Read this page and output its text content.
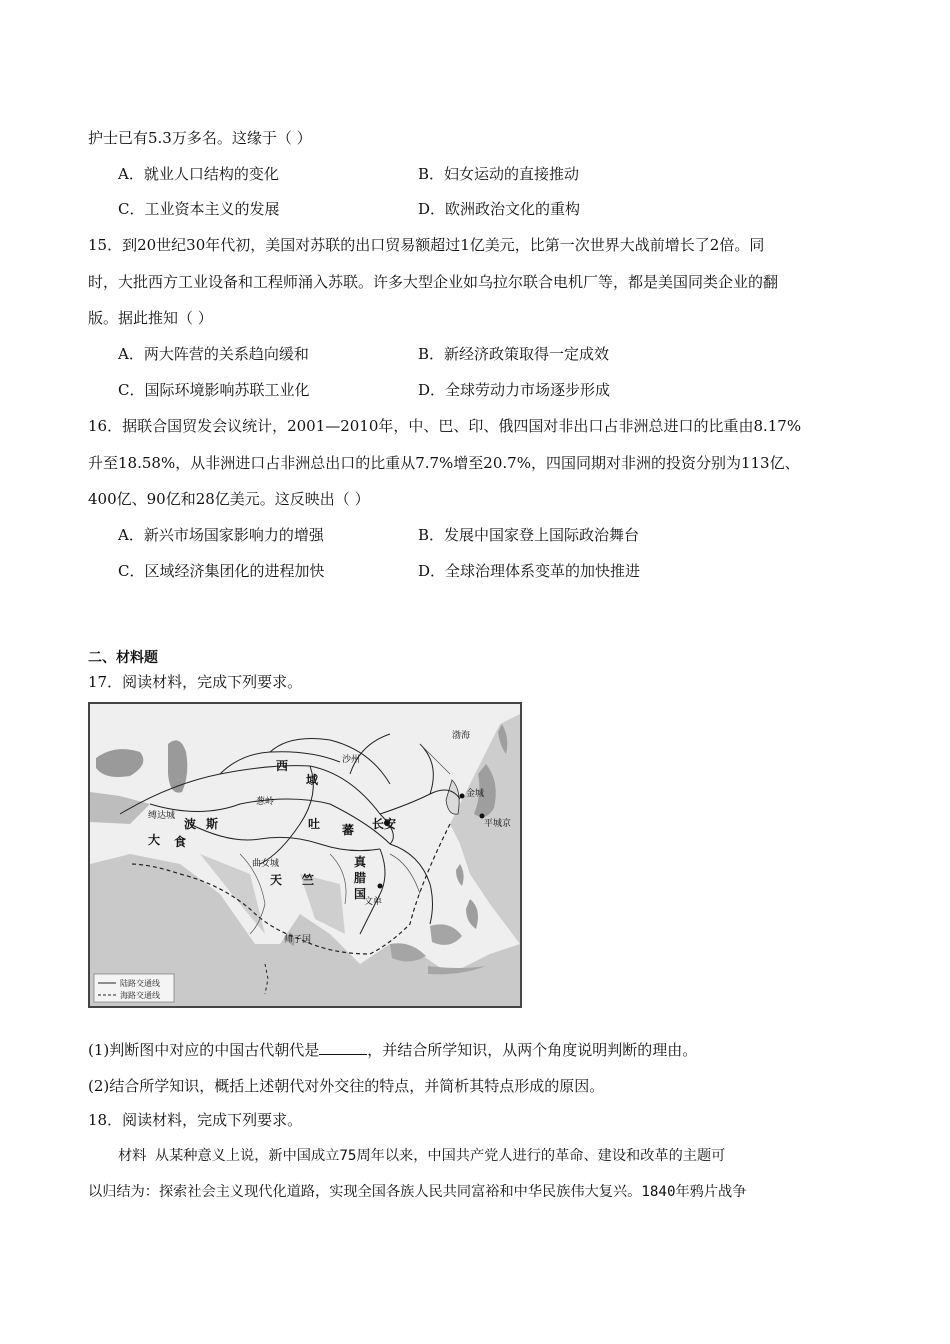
护士已有5.3万多名。这缘于（ ）
A．就业人口结构的变化	B．妇女运动的直接推动
C．工业资本主义的发展	D．欧洲政治文化的重构
15．到20世纪30年代初，美国对苏联的出口贸易额超过1亿美元，比第一次世界大战前增长了2倍。同
时，大批西方工业设备和工程师涌入苏联。许多大型企业如乌拉尔联合电机厂等，都是美国同类企业的翻
版。据此推知（ ）
A．两大阵营的关系趋向缓和	B．新经济政策取得一定成效
C．国际环境影响苏联工业化	D．全球劳动力市场逐步形成
16．据联合国贸发会议统计，2001—2010年，中、巴、印、俄四国对非出口占非洲总进口的比重由8.17%
升至18.58%，从非洲进口占非洲总出口的比重从7.7%增至20.7%，四国同期对非洲的投资分别为113亿、
400亿、90亿和28亿美元。这反映出（ ）
A．新兴市场国家影响力的增强	B．发展中国家登上国际政治舞台
C．区域经济集团化的进程加快	D．全球治理体系变革的加快推进
二、材料题
17．阅读材料，完成下列要求。
渤海
沙州
西
域
葱岭
吐 蕃 长安
金城
平城京
缚达城
波 斯
大 食
曲女城
天 竺
真
腊
国
文单
师子国
陆路交通线
海路交通线
(1)判断图中对应的中国古代朝代是	，并结合所学知识，从两个角度说明判断的理由。
(2)结合所学知识，概括上述朝代对外交往的特点，并简析其特点形成的原因。
18．阅读材料，完成下列要求。
材料 从某种意义上说，新中国成立75周年以来，中国共产党人进行的革命、建设和改革的主题可
以归结为：探索社会主义现代化道路，实现全国各族人民共同富裕和中华民族伟大复兴。1840年鸦片战争
